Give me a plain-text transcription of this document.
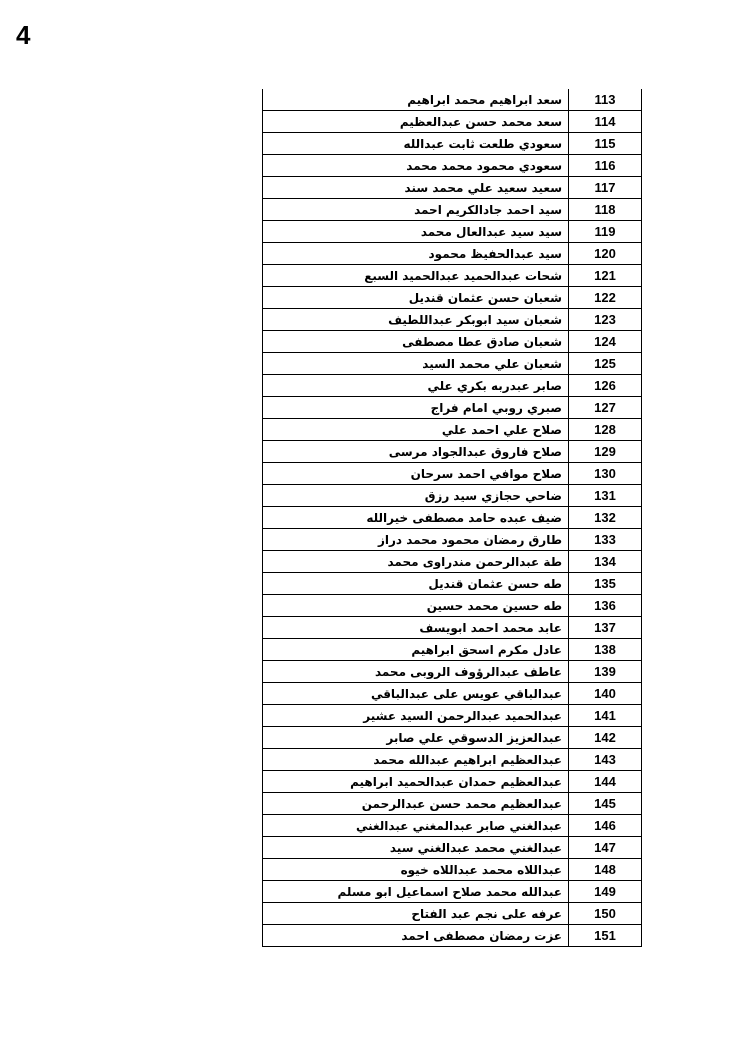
4
سعد ابراهيم محمد ابراهيم	113
سعد محمد حسن عبدالعظيم	114
سعودي طلعت ثابت عبدالله	115
سعودي محمود محمد محمد	116
سعيد سعيد علي محمد سند	117
سيد احمد جادالكريم احمد	118
سيد سيد عبدالعال محمد	119
سيد عبدالحفيظ محمود	120
شحات عبدالحميد عبدالحميد السبع	121
شعبان حسن عثمان قنديل	122
شعبان سيد ابوبكر عبداللطيف	123
شعبان صادق عطا مصطفى	124
شعبان علي محمد السيد	125
صابر عبدربه بكري علي	126
صبري روبي امام فراج	127
صلاح علي احمد علي	128
صلاح فاروق عبدالجواد مرسى	129
صلاح موافي احمد سرحان	130
ضاحي حجازي سيد رزق	131
ضيف عبده حامد مصطفى خيرالله	132
طارق رمضان محمود محمد دراز	133
طة عبدالرحمن مندراوى محمد	134
طه حسن عثمان قنديل	135
طه حسين محمد حسين	136
عابد محمد احمد ابويسف	137
عادل مكرم اسحق ابراهيم	138
عاطف عبدالرؤوف الروبى محمد	139
عبدالباقي عويس على عبدالباقي	140
عبدالحميد عبدالرحمن السيد عشير	141
عبدالعزيز الدسوقي علي صابر	142
عبدالعظيم ابراهيم عبدالله محمد	143
عبدالعظيم حمدان عبدالحميد ابراهيم	144
عبدالعظيم محمد حسن عبدالرحمن	145
عبدالغني صابر عبدالمغني عبدالغني	146
عبدالغني محمد عبدالغني سيد	147
عبداللاه محمد عبداللاه خيوه	148
عبدالله محمد صلاح اسماعيل ابو مسلم	149
عرفه على نجم عبد الفتاح	150
عزت رمضان مصطفى احمد	151
